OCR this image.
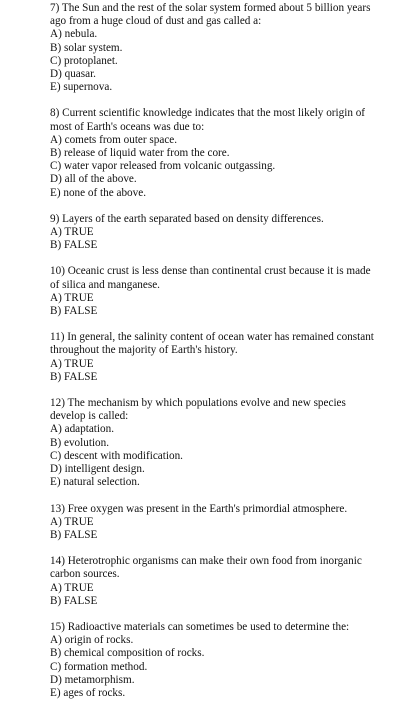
7) The Sun and the rest of the solar system formed about 5 billion years ago from a huge cloud of dust and gas called a:

A) nebula.

B) solar system.

C) protoplanet.

D) quasar.

E) supernova.

8) Current scientific knowledge indicates that the most likely origin of most of Earth's oceans was due to:

A) comets from outer space.

B) release of liquid water from the core.

C) water vapor released from volcanic outgassing.

D) all of the above.

E) none of the above.

9) Layers of the earth separated based on density differences.

A) TRUE

B) FALSE

10) Oceanic crust is less dense than continental crust because it is made of silica and manganese.

A) TRUE

B) FALSE

11) In general, the salinity content of ocean water has remained constant throughout the majority of Earth's history.

A) TRUE

B) FALSE

12) The mechanism by which populations evolve and new species develop is called:

A) adaptation.

B) evolution.

C) descent with modification.

D) intelligent design.

E) natural selection.

13) Free oxygen was present in the Earth's primordial atmosphere.

A) TRUE

B) FALSE

14) Heterotrophic organisms can make their own food from inorganic carbon sources.

A) TRUE

B) FALSE

15) Radioactive materials can sometimes be used to determine the:

A) origin of rocks.

B) chemical composition of rocks.

C) formation method.

D) metamorphism.

E) ages of rocks.
